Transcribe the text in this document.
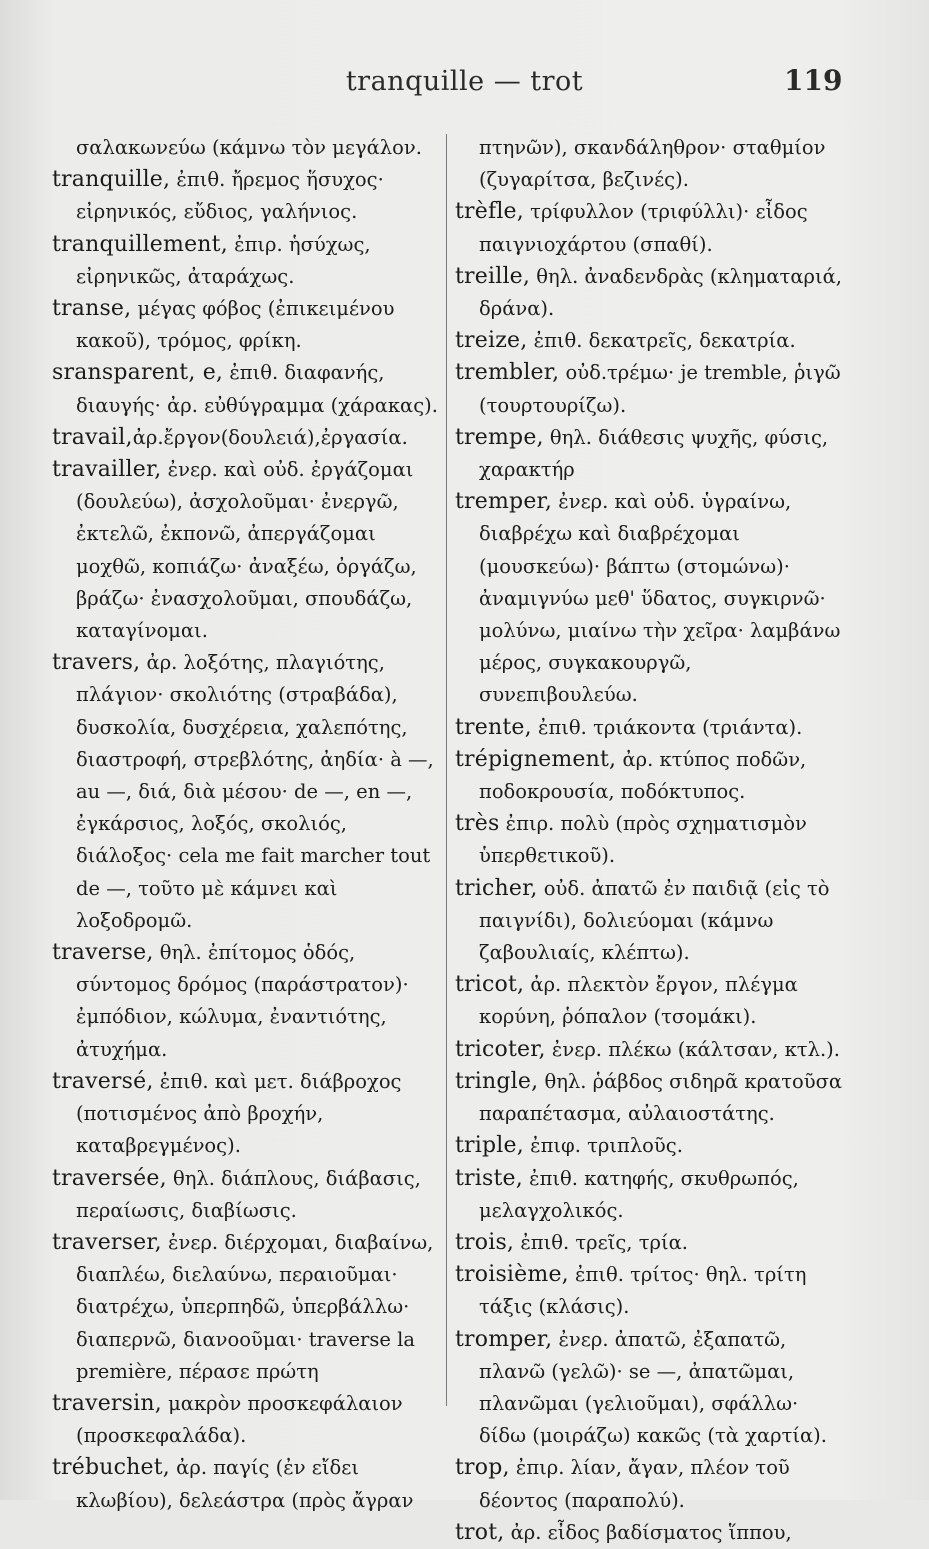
tranquille — trot	119

σαλακωνεύω (κάμνω τὸν μεγάλον.

tranquille, ἐπιθ. ἤρεμος ἥσυχος· εἰρηνικός, εὔδιος, γαλήνιος.

tranquillement, ἐπιρ. ἡσύχως, εἰρηνικῶς, ἀταράχως.

transe, μέγας φόβος (ἐπικειμένου κακοῦ), τρόμος, φρίκη.

sransparent, e, ἐπιθ. διαφανής, διαυγής· ἀρ. εὐθύγραμμα (χάρακας).

travail,ἀρ.ἔργον(δουλειά),ἐργασία.

travailler, ἐνερ. καὶ οὐδ. ἐργάζομαι (δουλεύω), ἀσχολοῦμαι· ἐνεργῶ, ἐκτελῶ, ἐκπονῶ, ἀπεργάζομαι μοχθῶ, κοπιάζω· ἀναξέω, ὀργάζω, βράζω· ἐνασχολοῦμαι, σπουδάζω, καταγίνομαι.

travers, ἀρ. λοξότης, πλαγιότης, πλάγιον· σκολιότης (στραβάδα), δυσκολία, δυσχέρεια, χαλεπότης, διαστροφή, στρεβλότης, ἀηδία· à —, au —, διά, διὰ μέσου· de —, en —, ἐγκάρσιος, λοξός, σκολιός, διάλοξος· cela me fait marcher tout de —, τοῦτο μὲ κάμνει καὶ λοξοδρομῶ.

traverse, θηλ. ἐπίτομος ὁδός, σύντομος δρόμος (παράστρατον)· ἐμπόδιον, κώλυμα, ἐναντιότης, ἀτυχήμα.

traversé, ἐπιθ. καὶ μετ. διάβροχος (ποτισμένος ἀπὸ βροχήν, καταβρεγμένος).

traversée, θηλ. διάπλους, διάβασις, περαίωσις, διαβίωσις.

traverser, ἐνερ. διέρχομαι, διαβαίνω, διαπλέω, διελαύνω, περαιοῦμαι· διατρέχω, ὑπερπηδῶ, ὑπερβάλλω· διαπερνῶ, διανοοῦμαι· traverse la première, πέρασε πρώτη

traversin, μακρὸν προσκεφάλαιον (προσκεφαλάδα).

trébuchet, ἀρ. παγίς (ἐν εἴδει κλωβίου), δελεάστρα (πρὸς ἄγραν

πτηνῶν), σκανδάληθρον· σταθμίον (ζυγαρίτσα, βεζινές).

trèfle, τρίφυλλον (τριφύλλι)· εἶδος παιγνιοχάρτου (σπαθί).

treille, θηλ. ἀναδενδρὰς (κληματαριά, δράνα).

treize, ἐπιθ. δεκατρεῖς, δεκατρία.

trembler, οὐδ.τρέμω· je tremble, ῥιγῶ (τουρτουρίζω).

trempe, θηλ. διάθεσις ψυχῆς, φύσις, χαρακτήρ

tremper, ἐνερ. καὶ οὐδ. ὑγραίνω, διαβρέχω καὶ διαβρέχομαι (μουσκεύω)· βάπτω (στομώνω)· ἀναμιγνύω μεθ' ὕδατος, συγκιρνῶ· μολύνω, μιαίνω τὴν χεῖρα· λαμβάνω μέρος, συγκακουργῶ, συνεπιβουλεύω.

trente, ἐπιθ. τριάκοντα (τριάντα).

trépignement, ἀρ. κτύπος ποδῶν, ποδοκρουσία, ποδόκτυπος.

très ἐπιρ. πολὺ (πρὸς σχηματισμὸν ὑπερθετικοῦ).

tricher, οὐδ. ἀπατῶ ἐν παιδιᾷ (εἰς τὸ παιγνίδι), δολιεύομαι (κάμνω ζαβουλιαίς, κλέπτω).

tricot, ἀρ. πλεκτὸν ἔργον, πλέγμα κορύνη, ῥόπαλον (τσομάκι).

tricoter, ἐνερ. πλέκω (κάλτσαν, κτλ.).

tringle, θηλ. ῥάβδος σιδηρᾶ κρατοῦσα παραπέτασμα, αὐλαιοστάτης.

triple, ἐπιφ. τριπλοῦς.

triste, ἐπιθ. κατηφής, σκυθρωπός, μελαγχολικός.

trois, ἐπιθ. τρεῖς, τρία.

troisième, ἐπιθ. τρίτος· θηλ. τρίτη τάξις (κλάσις).

tromper, ἐνερ. ἀπατῶ, ἐξαπατῶ, πλανῶ (γελῶ)· se —, ἀπατῶμαι, πλανῶμαι (γελιοῦμαι), σφάλλω· δίδω (μοιράζω) κακῶς (τὰ χαρτία).

trop, ἐπιρ. λίαν, ἄγαν, πλέον τοῦ δέοντος (παραπολύ).

trot, ἀρ. εἶδος βαδίσματος ἵππου,
